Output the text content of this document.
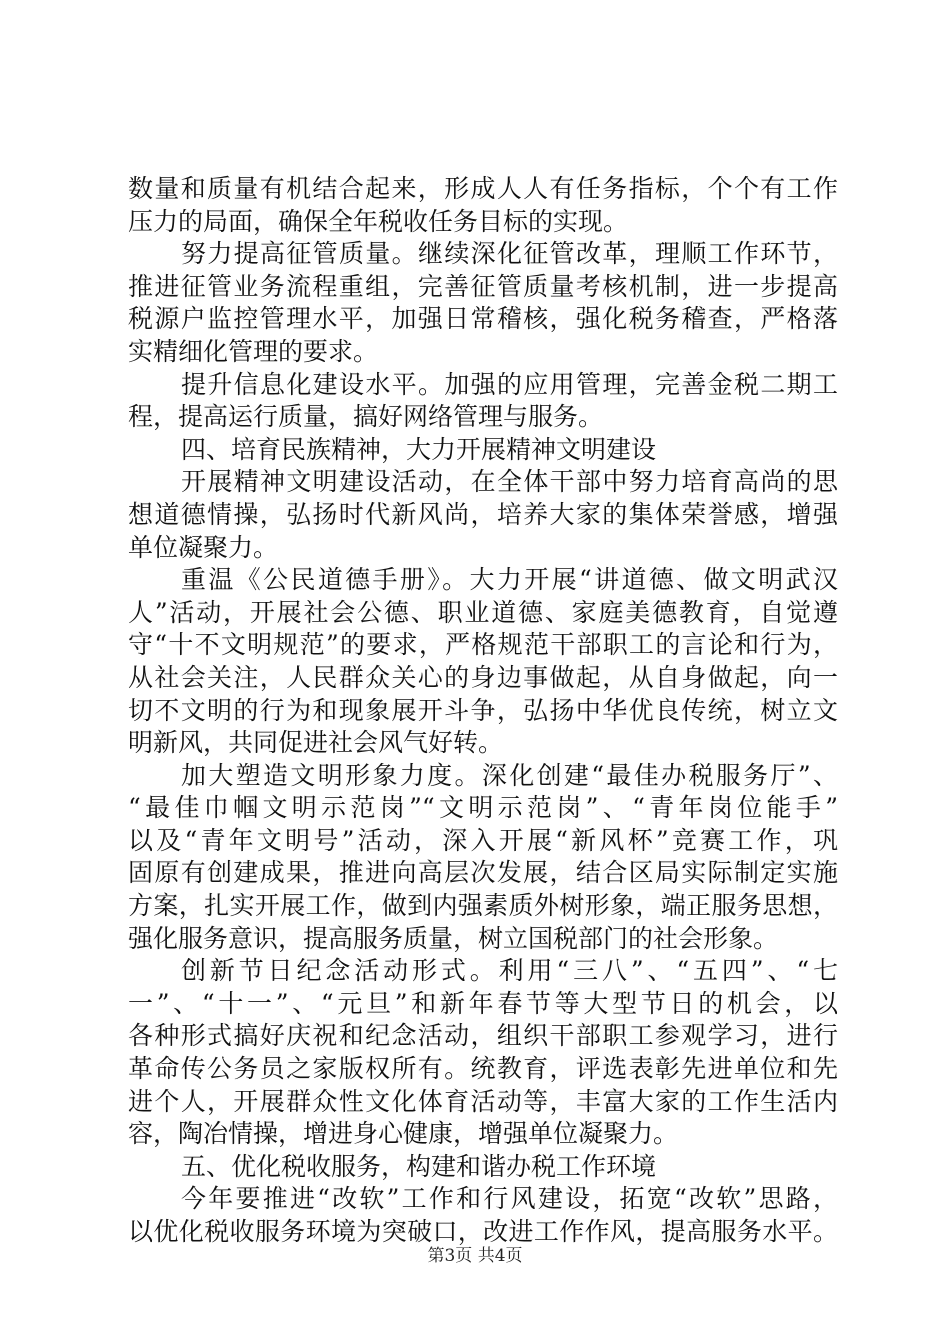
数量和质量有机结合起来，形成人人有任务指标，个个有工作
压力的局面，确保全年税收任务目标的实现。
努力提高征管质量。继续深化征管改革，理顺工作环节，
推进征管业务流程重组，完善征管质量考核机制，进一步提高
税源户监控管理水平，加强日常稽核，强化税务稽查，严格落
实精细化管理的要求。
提升信息化建设水平。加强的应用管理，完善金税二期工
程，提高运行质量，搞好网络管理与服务。
四、培育民族精神，大力开展精神文明建设
开展精神文明建设活动，在全体干部中努力培育高尚的思
想道德情操，弘扬时代新风尚，培养大家的集体荣誉感，增强
单位凝聚力。
重温《公民道德手册》。大力开展“讲道德、做文明武汉
人”活动，开展社会公德、职业道德、家庭美德教育，自觉遵
守“十不文明规范”的要求，严格规范干部职工的言论和行为，
从社会关注，人民群众关心的身边事做起，从自身做起，向一
切不文明的行为和现象展开斗争，弘扬中华优良传统，树立文
明新风，共同促进社会风气好转。
加大塑造文明形象力度。深化创建“最佳办税服务厅”、
“最佳巾帼文明示范岗”“文明示范岗”、“青年岗位能手”
以及“青年文明号”活动，深入开展“新风杯”竞赛工作，巩
固原有创建成果，推进向高层次发展，结合区局实际制定实施
方案，扎实开展工作，做到内强素质外树形象，端正服务思想，
强化服务意识，提高服务质量，树立国税部门的社会形象。
创新节日纪念活动形式。利用“三八”、“五四”、“七
一”、“十一”、“元旦”和新年春节等大型节日的机会，以
各种形式搞好庆祝和纪念活动，组织干部职工参观学习，进行
革命传公务员之家版权所有。统教育，评选表彰先进单位和先
进个人，开展群众性文化体育活动等，丰富大家的工作生活内
容，陶冶情操，增进身心健康，增强单位凝聚力。
五、优化税收服务，构建和谐办税工作环境
今年要推进“改软”工作和行风建设，拓宽“改软”思路，
以优化税收服务环境为突破口，改进工作作风，提高服务水平。
第3页 共4页
